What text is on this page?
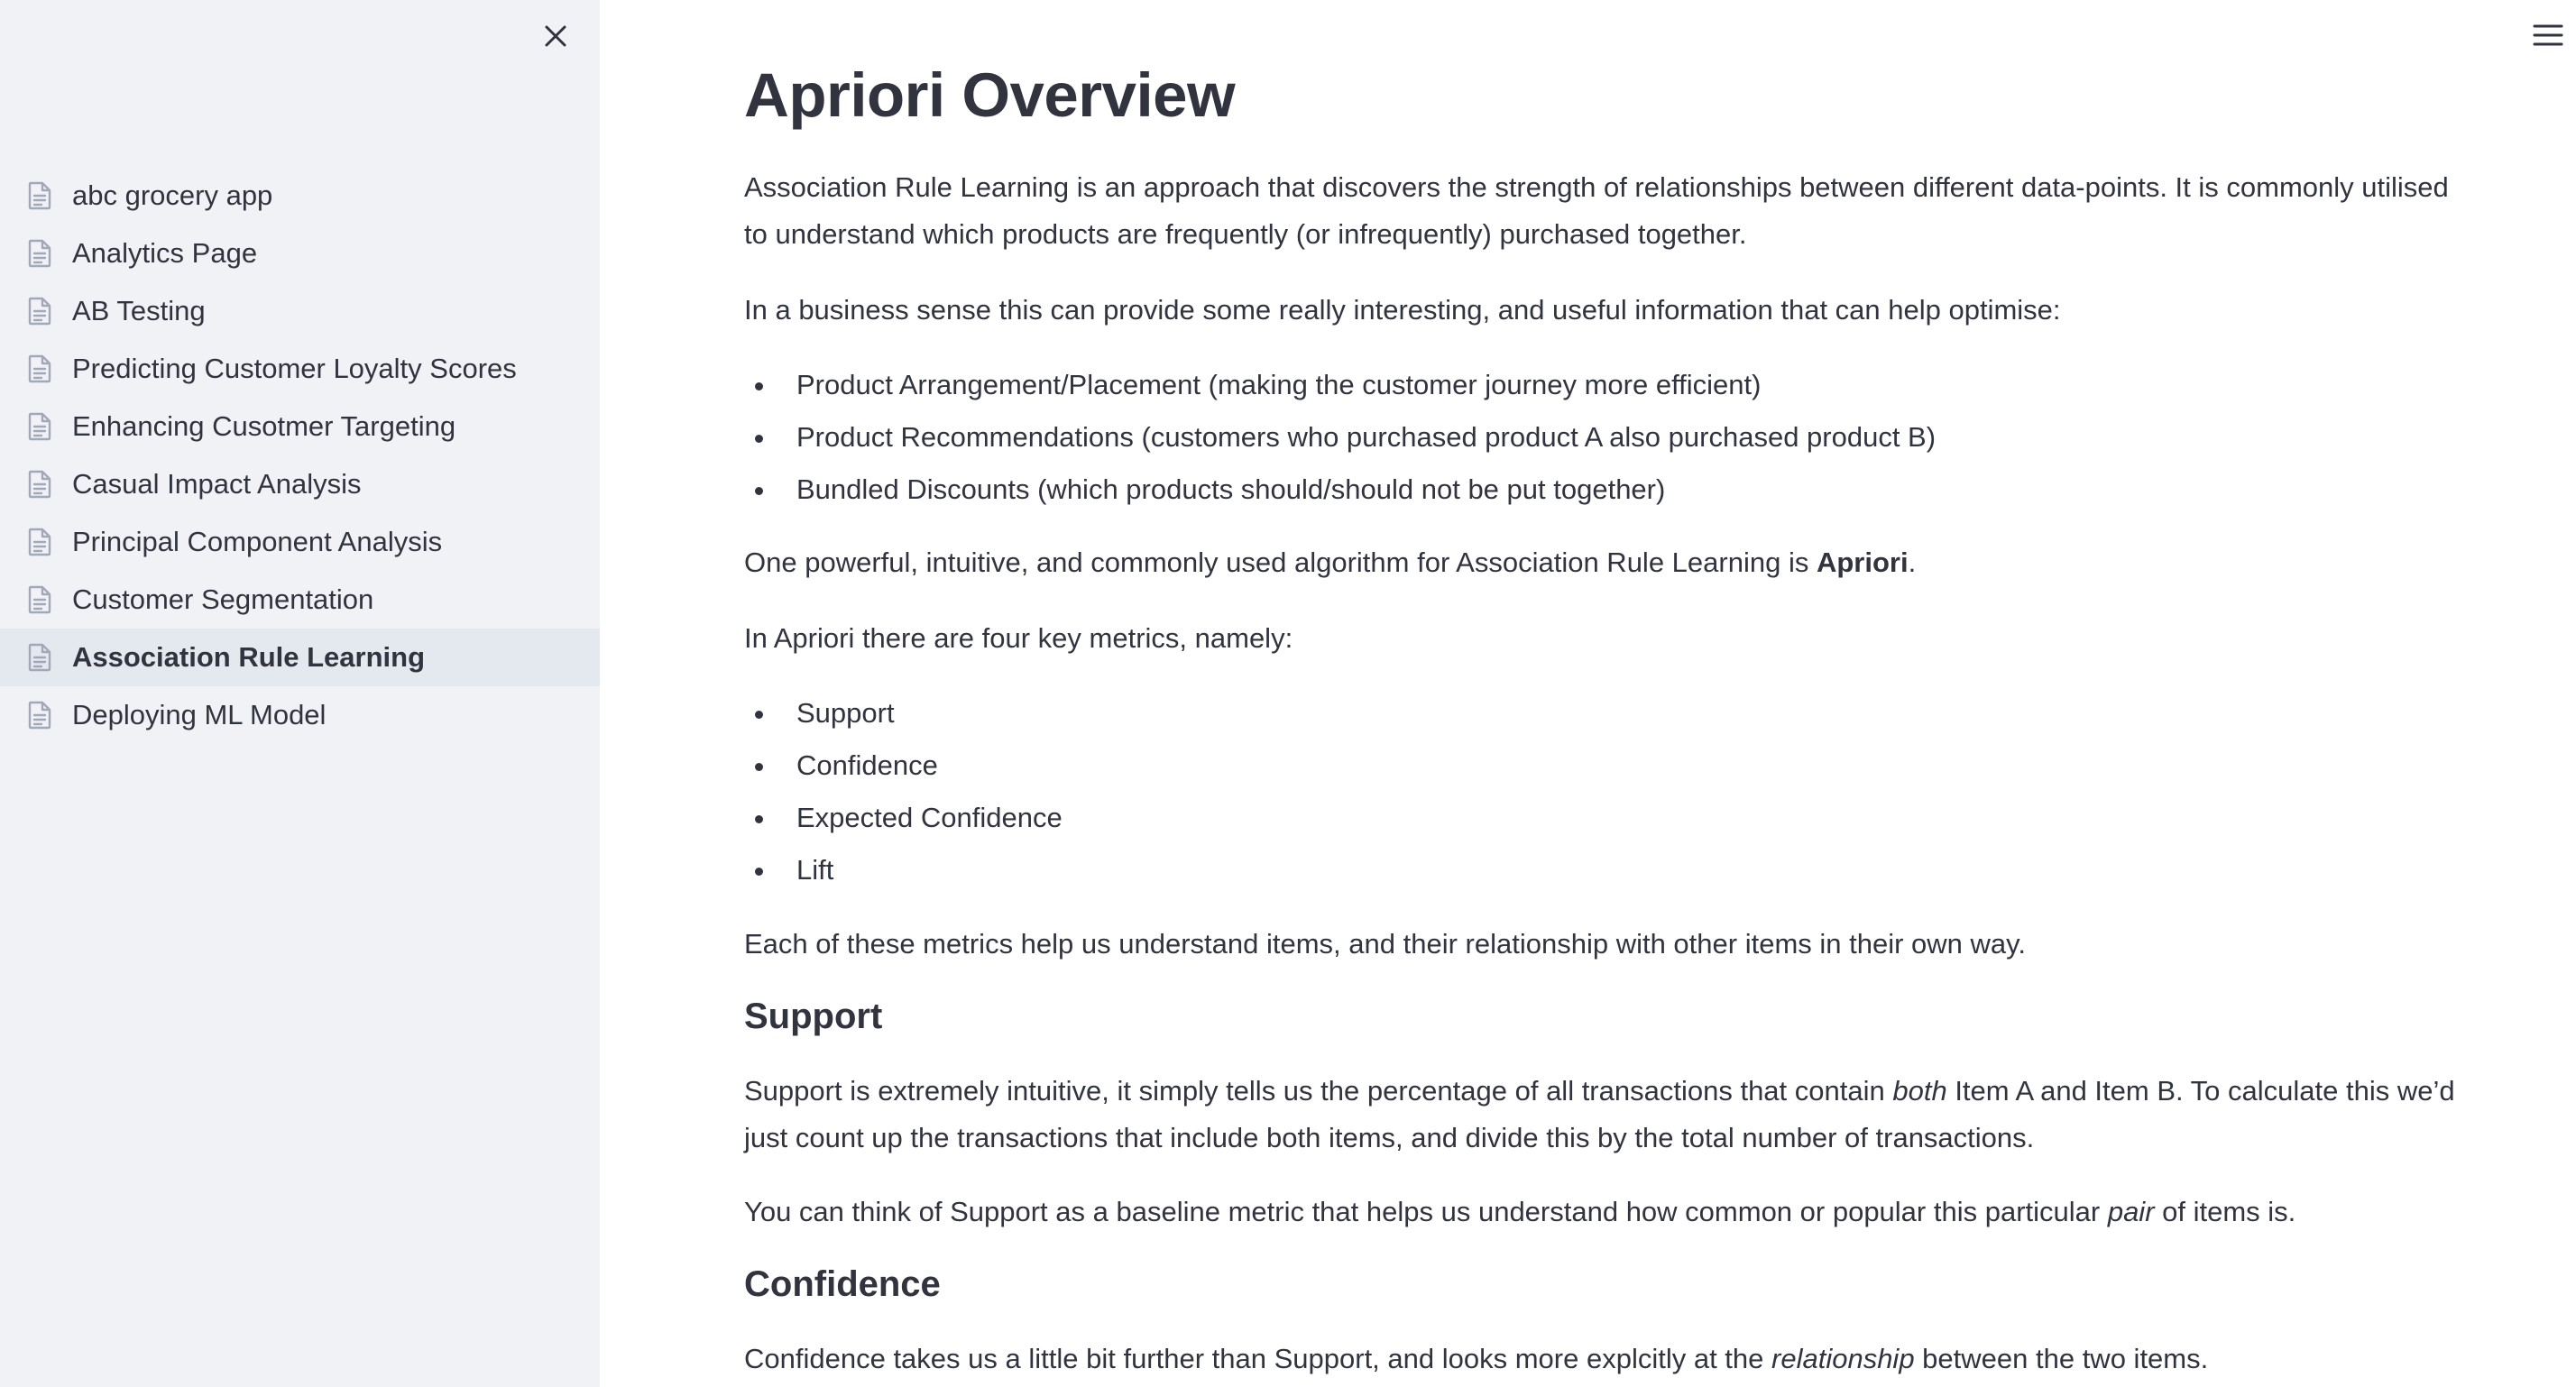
abc grocery app
Analytics Page
AB Testing
Predicting Customer Loyalty Scores
Enhancing Cusotmer Targeting
Casual Impact Analysis
Principal Component Analysis
Customer Segmentation
Association Rule Learning
Deploying ML Model
Apriori Overview

Association Rule Learning is an approach that discovers the strength of relationships between different data-points. It is commonly utilised to understand which products are frequently (or infrequently) purchased together.

In a business sense this can provide some really interesting, and useful information that can help optimise:

Product Arrangement/Placement (making the customer journey more efficient)
Product Recommendations (customers who purchased product A also purchased product B)
Bundled Discounts (which products should/should not be put together)

One powerful, intuitive, and commonly used algorithm for Association Rule Learning is Apriori.

In Apriori there are four key metrics, namely:

Support
Confidence
Expected Confidence
Lift

Each of these metrics help us understand items, and their relationship with other items in their own way.

Support

Support is extremely intuitive, it simply tells us the percentage of all transactions that contain both Item A and Item B. To calculate this we’d just count up the transactions that include both items, and divide this by the total number of transactions.

You can think of Support as a baseline metric that helps us understand how common or popular this particular pair of items is.

Confidence

Confidence takes us a little bit further than Support, and looks more explcitly at the relationship between the two items.
